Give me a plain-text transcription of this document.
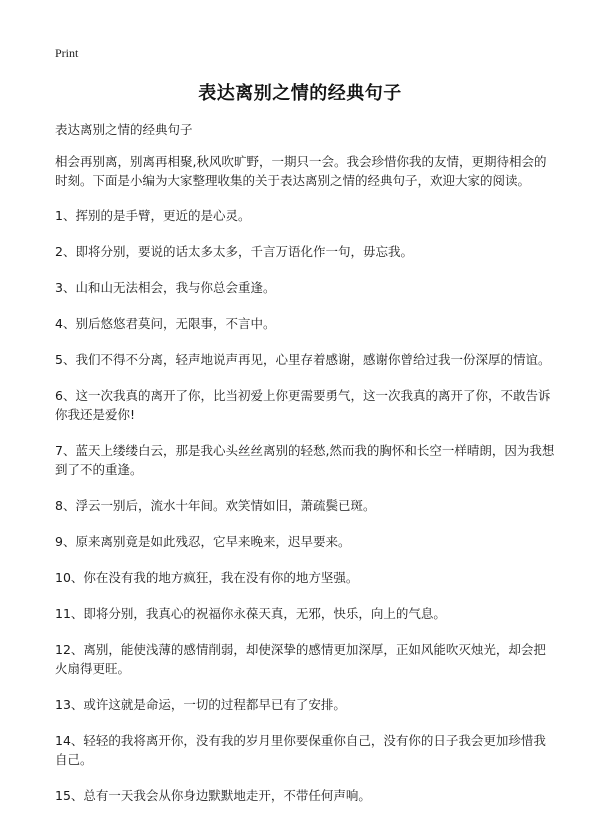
Print
表达离别之情的经典句子

表达离别之情的经典句子

相会再别离，别离再相聚,秋风吹旷野，一期只一会。我会珍惜你我的友情，更期待相会的时刻。下面是小编为大家整理收集的关于表达离别之情的经典句子，欢迎大家的阅读。

1、挥别的是手臂，更近的是心灵。

2、即将分别，要说的话太多太多，千言万语化作一句，毋忘我。

3、山和山无法相会，我与你总会重逢。

4、别后悠悠君莫问，无限事，不言中。

5、我们不得不分离，轻声地说声再见，心里存着感谢，感谢你曾给过我一份深厚的情谊。

6、这一次我真的离开了你，比当初爱上你更需要勇气，这一次我真的离开了你，不敢告诉你我还是爱你!

7、蓝天上缕缕白云，那是我心头丝丝离别的轻愁,然而我的胸怀和长空一样晴朗，因为我想到了不的重逢。

8、浮云一别后，流水十年间。欢笑情如旧，萧疏鬓已斑。

9、原来离别竟是如此残忍，它早来晚来，迟早要来。

10、你在没有我的地方疯狂，我在没有你的地方坚强。

11、即将分别，我真心的祝福你永葆天真，无邪，快乐，向上的气息。

12、离别，能使浅薄的感情削弱，却使深挚的感情更加深厚，正如风能吹灭烛光，却会把火扇得更旺。

13、或许这就是命运，一切的过程都早已有了安排。

14、轻轻的我将离开你，没有我的岁月里你要保重你自己，没有你的日子我会更加珍惜我自己。

15、总有一天我会从你身边默默地走开，不带任何声响。
